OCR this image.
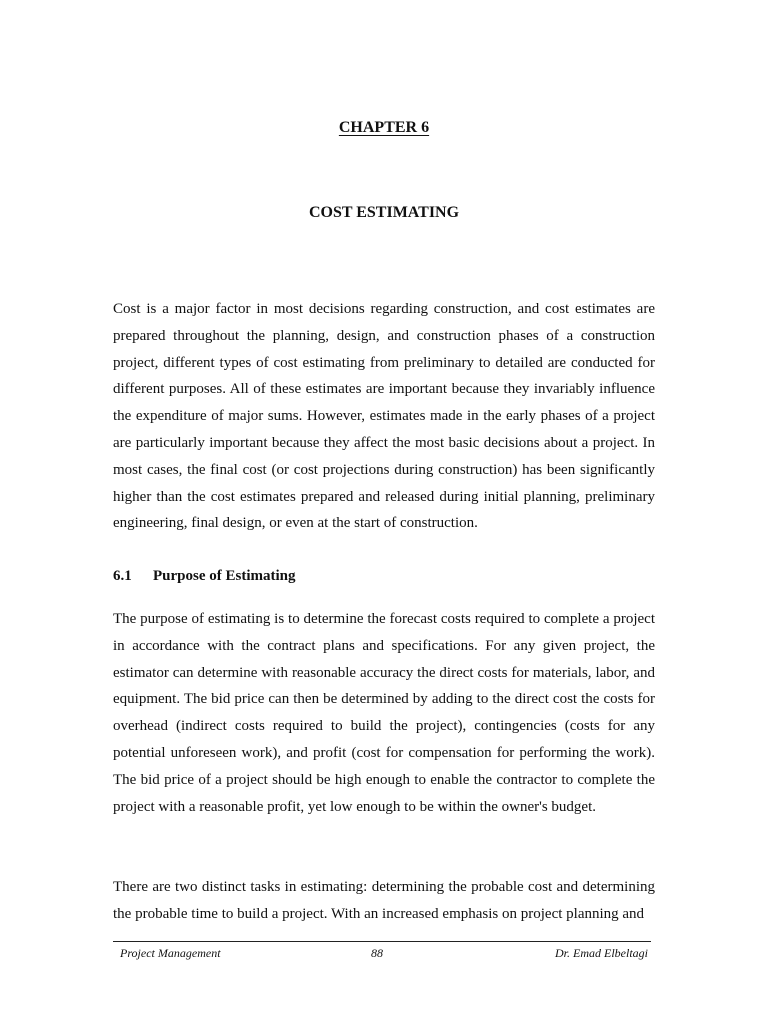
CHAPTER 6
COST ESTIMATING

Cost is a major factor in most decisions regarding construction, and cost estimates are prepared throughout the planning, design, and construction phases of a construction project, different types of cost estimating from preliminary to detailed are conducted for different purposes. All of these estimates are important because they invariably influence the expenditure of major sums. However, estimates made in the early phases of a project are particularly important because they affect the most basic decisions about a project. In most cases, the final cost (or cost projections during construction) has been significantly higher than the cost estimates prepared and released during initial planning, preliminary engineering, final design, or even at the start of construction.

6.1 Purpose of Estimating

The purpose of estimating is to determine the forecast costs required to complete a project in accordance with the contract plans and specifications. For any given project, the estimator can determine with reasonable accuracy the direct costs for materials, labor, and equipment. The bid price can then be determined by adding to the direct cost the costs for overhead (indirect costs required to build the project), contingencies (costs for any potential unforeseen work), and profit (cost for compensation for performing the work). The bid price of a project should be high enough to enable the contractor to complete the project with a reasonable profit, yet low enough to be within the owner's budget.

There are two distinct tasks in estimating: determining the probable cost and determining the probable time to build a project. With an increased emphasis on project planning and

Project Management	88	Dr. Emad Elbeltagi
